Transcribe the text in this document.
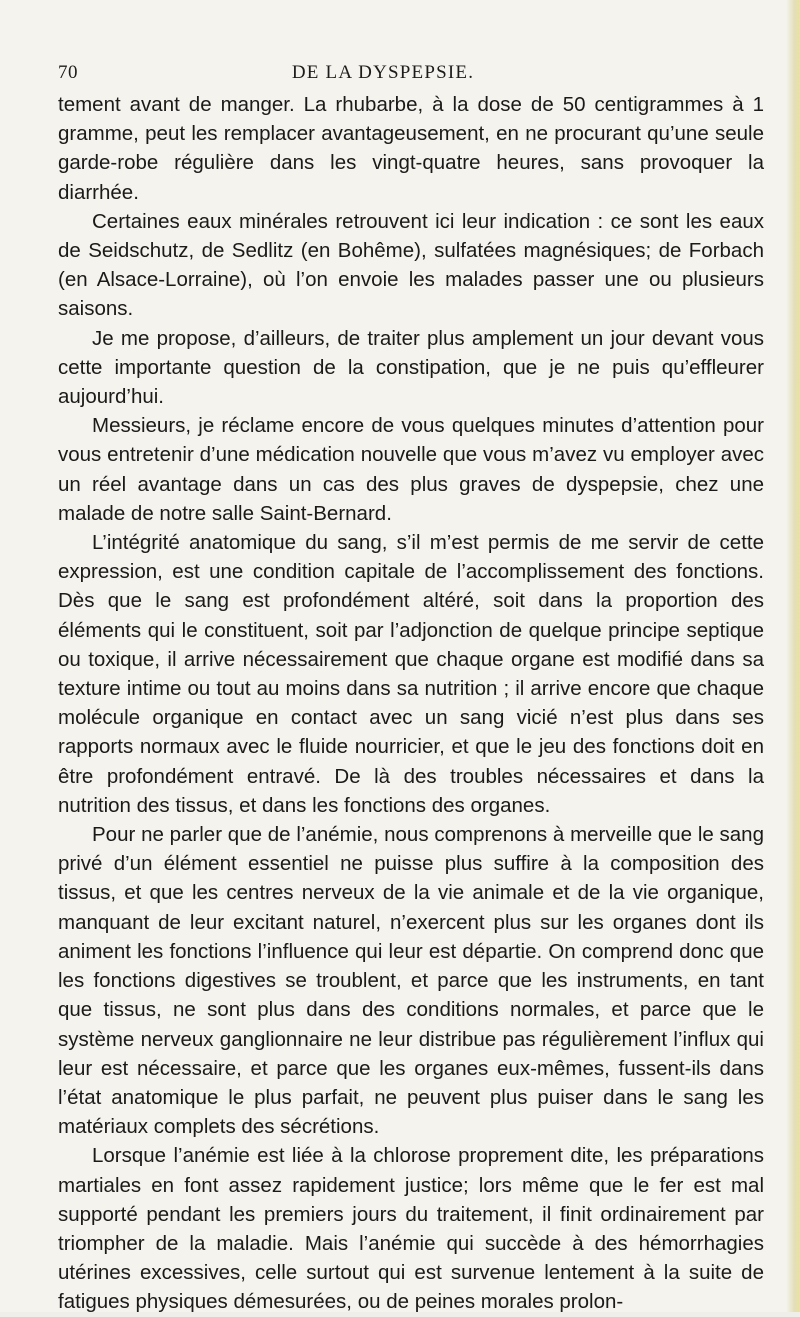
70	DE LA DYSPEPSIE.

tement avant de manger. La rhubarbe, à la dose de 50 centigrammes à 1 gramme, peut les remplacer avantageusement, en ne procurant qu’une seule garde-robe régulière dans les vingt-quatre heures, sans provoquer la diarrhée.

Certaines eaux minérales retrouvent ici leur indication : ce sont les eaux de Seidschutz, de Sedlitz (en Bohême), sulfatées magnésiques; de Forbach (en Alsace-Lorraine), où l’on envoie les malades passer une ou plusieurs saisons.

Je me propose, d’ailleurs, de traiter plus amplement un jour devant vous cette importante question de la constipation, que je ne puis qu’effleurer aujourd’hui.

Messieurs, je réclame encore de vous quelques minutes d’attention pour vous entretenir d’une médication nouvelle que vous m’avez vu employer avec un réel avantage dans un cas des plus graves de dyspepsie, chez une malade de notre salle Saint-Bernard.

L’intégrité anatomique du sang, s’il m’est permis de me servir de cette expression, est une condition capitale de l’accomplissement des fonctions. Dès que le sang est profondément altéré, soit dans la proportion des éléments qui le constituent, soit par l’adjonction de quelque principe septique ou toxique, il arrive nécessairement que chaque organe est modifié dans sa texture intime ou tout au moins dans sa nutrition ; il arrive encore que chaque molécule organique en contact avec un sang vicié n’est plus dans ses rapports normaux avec le fluide nourricier, et que le jeu des fonctions doit en être profondément entravé. De là des troubles nécessaires et dans la nutrition des tissus, et dans les fonctions des organes.

Pour ne parler que de l’anémie, nous comprenons à merveille que le sang privé d’un élément essentiel ne puisse plus suffire à la composition des tissus, et que les centres nerveux de la vie animale et de la vie organique, manquant de leur excitant naturel, n’exercent plus sur les organes dont ils animent les fonctions l’influence qui leur est départie. On comprend donc que les fonctions digestives se troublent, et parce que les instruments, en tant que tissus, ne sont plus dans des conditions normales, et parce que le système nerveux ganglionnaire ne leur distribue pas régulièrement l’influx qui leur est nécessaire, et parce que les organes eux-mêmes, fussent-ils dans l’état anatomique le plus parfait, ne peuvent plus puiser dans le sang les matériaux complets des sécrétions.

Lorsque l’anémie est liée à la chlorose proprement dite, les préparations martiales en font assez rapidement justice; lors même que le fer est mal supporté pendant les premiers jours du traitement, il finit ordinairement par triompher de la maladie. Mais l’anémie qui succède à des hémorrhagies utérines excessives, celle surtout qui est survenue lentement à la suite de fatigues physiques démesurées, ou de peines morales prolon-
